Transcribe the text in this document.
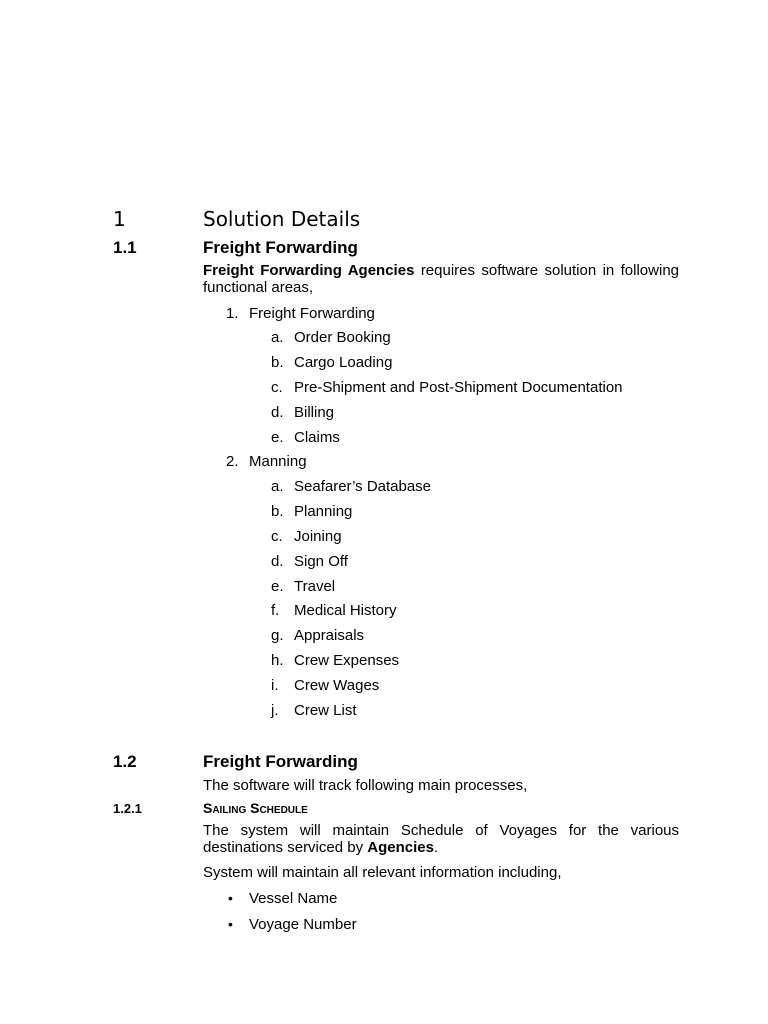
1	Solution Details
1.1	Freight Forwarding
Freight Forwarding Agencies requires software solution in following functional areas,
1. Freight Forwarding
a. Order Booking
b. Cargo Loading
c. Pre-Shipment and Post-Shipment Documentation
d. Billing
e. Claims
2. Manning
a. Seafarer’s Database
b. Planning
c. Joining
d. Sign Off
e. Travel
f. Medical History
g. Appraisals
h. Crew Expenses
i.	Crew Wages
j.	Crew List
1.2	Freight Forwarding
The software will track following main processes,
1.2.1	Sailing Schedule
The system will maintain Schedule of Voyages for the various destinations serviced by Agencies.
System will maintain all relevant information including,
• Vessel Name
• Voyage Number
